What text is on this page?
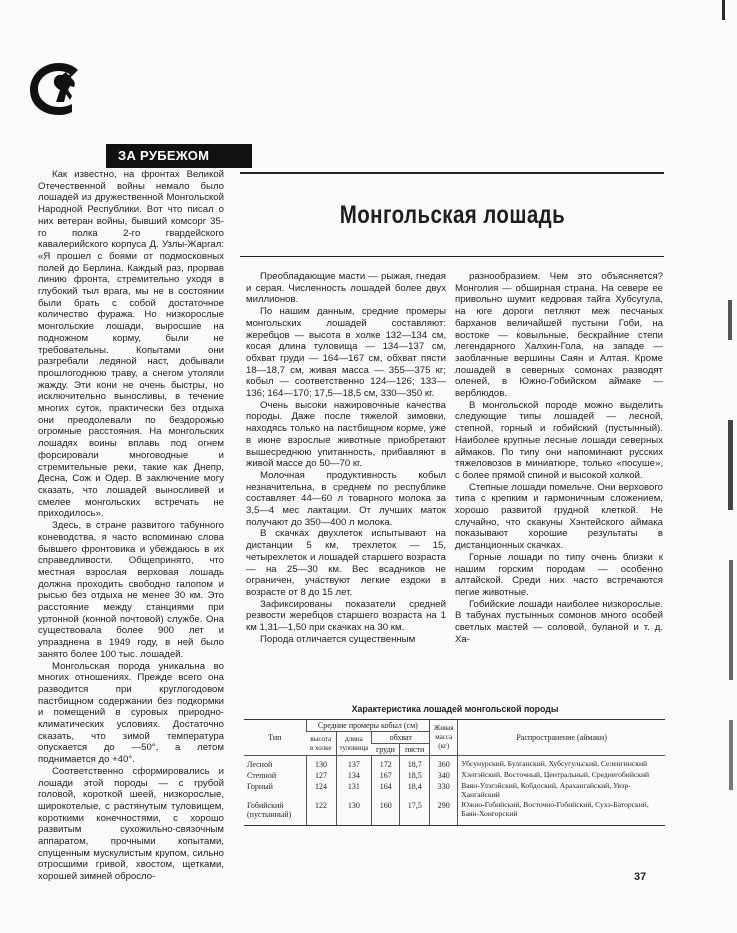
ЗА РУБЕЖОМ
Монгольская лошадь

Как известно, на фронтах Великой Отечественной войны немало было лошадей из дружественной Монгольской Народной Республики. Вот что писал о них ветеран войны, бывший комсорг 35-го полка 2-го гвардейского кавалерийского корпуса Д. Узлы-Жаргал: «Я прошел с боями от подмосковных полей до Берлина. Каждый раз, прорвав линию фронта, стремительно уходя в глубокий тыл врага, мы не в состоянии были брать с собой достаточное количество фуража. Но низкорослые монгольские лошади, выросшие на подножном корму, были не требовательны. Копытами они разгребали ледяной наст, добывали прошлогоднюю траву, а снегом утоляли жажду. Эти кони не очень быстры, но исключительно выносливы, в течение многих суток, практически без отдыха они преодолевали по бездорожью огромные расстояния. На монгольских лошадях воины вплавь под огнем форсировали многоводные и стремительные реки, такие как Днепр, Десна, Сож и Одер. В заключение могу сказать, что лошадей выносливей и смелее монгольских встречать не приходилось».

Здесь, в стране развитого табунного коневодства, я часто вспоминаю слова бывшего фронтовика и убеждаюсь в их справедливости. Общепринято, что местная взрослая верховая лошадь должна проходить свободно галопом и рысью без отдыха не менее 30 км. Это расстояние между станциями при уртонной (конной почтовой) службе. Она существовала более 900 лет и упразднена в 1949 году, в ней было занято более 100 тыс. лошадей.

Монгольская порода уникальна во многих отношениях. Прежде всего она разводится при круглогодовом пастбищном содержании без подкормки и помещений в суровых природно-климатических условиях. Достаточно сказать, что зимой температура опускается до —50°, а летом поднимается до +40°.

Соответственно сформировались и лошади этой породы — с грубой головой, короткой шеей, низкорослые, широкотелые, с растянутым туловищем, короткими конечностями, с хорошо развитым сухожильно-связочным аппаратом, прочными копытами, спущенным мускулистым крупом, сильно отросшими гривой, хвостом, щетками, хорошей зимней обросло-

Преобладающие масти — рыжая, гнедая и серая. Численность лошадей более двух миллионов.

По нашим данным, средние промеры монгольских лошадей составляют: жеребцов — высота в холке 132—134 см, косая длина туловища — 134—137 см, обхват груди — 164—167 см, обхват пясти 18—18,7 см, живая масса — 355—375 кг; кобыл — соответственно 124—126; 133—136; 164—170; 17,5—18,5 см, 330—350 кг.

Очень высоки нажировочные качества породы. Даже после тяжелой зимовки, находясь только на пастбищном корме, уже в июне взрослые животные приобретают вышесреднюю упитанность, прибавляют в живой массе до 50—70 кг.

Молочная продуктивность кобыл незначительна, в среднем по республике составляет 44—60 л товарного молока за 3,5—4 мес лактации. От лучших маток получают до 350—400 л молока.

В скачках двухлеток испытывают на дистанции 5 км, трехлеток — 15, четырехлеток и лошадей старшего возраста — на 25—30 км. Вес всадников не ограничен, участвуют легкие ездоки в возрасте от 8 до 15 лет.

Зафиксированы показатели средней резвости жеребцов старшего возраста на 1 км 1,31—1,50 при скачках на 30 км.

Порода отличается существенным

разнообразием. Чем это объясняется? Монголия — обширная страна. На севере ее привольно шумит кедровая тайга Хубсугула, на юге дороги петляют меж песчаных барханов величайшей пустыни Гоби, на востоке — ковыльные, бескрайние степи легендарного Халхин-Гола, на западе — заоблачные вершины Саян и Алтая. Кроме лошадей в северных сомонах разводят оленей, в Южно-Гобийском аймаке — верблюдов.

В монгольской породе можно выделить следующие типы лошадей — лесной, степной, горный и гобийский (пустынный). Наиболее крупные лесные лошади северных аймаков. По типу они напоминают русских тяжеловозов в миниатюре, только «посуше», с более прямой спиной и высокой холкой.

Степные лошади помельче. Они верхового типа с крепким и гармоничным сложением, хорошо развитой грудной клеткой. Не случайно, что скакуны Хэнтейского аймака показывают хорошие результаты в дистанционных скачках.

Горные лошади по типу очень близки к нашим горским породам — особенно алтайской. Среди них часто встречаются пегие животные.

Гобийские лошади наиболее низкорослые. В табунах пустынных сомонов много особей светлых мастей — соловой, буланой и т. д. Ха-

Характеристика лошадей монгольской породы
Тип	Средние промеры кобыл (см)				Живая масса (кг)	Распространение (аймаки)
	высота в холке	длина туловища	обхват			
			груди	пясти		
Лесной	130	137	172	18,7	360	Убсунурский, Булганский, Хубсугульский, Селенгинский
Степной	127	134	167	18,5	340	Хэнтэйский, Восточный, Центральный, Среднегобийский
Горный	124	131	164	18,4	330	Ваян-Улэгэйский, Кобдоский, Арахангайский, Увэр-Хангайский
Гобийский (пустынный)	122	130	160	17,5	290	Южно-Гобийский, Восточно-Гобийский, Сухэ-Баторский, Баян-Хонгорский
37
